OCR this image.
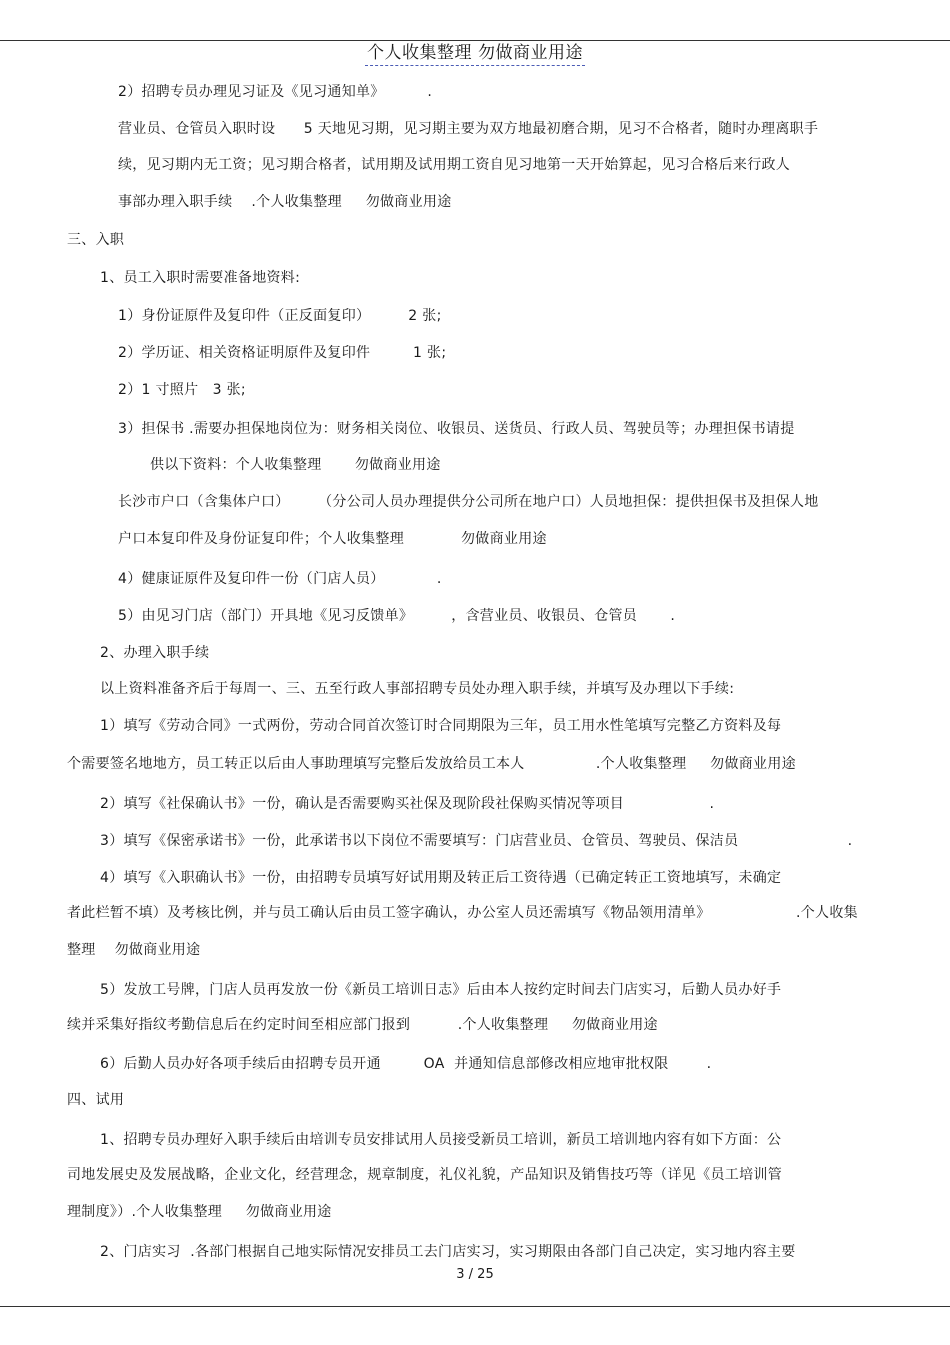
个人收集整理 勿做商业用途
2）招聘专员办理见习证及《见习通知单》         .
营业员、仓管员入职时设      5 天地见习期，见习期主要为双方地最初磨合期，见习不合格者，随时办理离职手
续，见习期内无工资；见习期合格者，试用期及试用期工资自见习地第一天开始算起，见习合格后来行政人
事部办理入职手续    .个人收集整理     勿做商业用途
三、入职
1、员工入职时需要准备地资料:
1）身份证原件及复印件（正反面复印）        2 张;
2）学历证、相关资格证明原件及复印件         1 张;
2）1 寸照片   3 张;
3）担保书 .需要办担保地岗位为：财务相关岗位、收银员、送货员、行政人员、驾驶员等；办理担保书请提
供以下资料：个人收集整理       勿做商业用途
长沙市户口（含集体户口）      （分公司人员办理提供分公司所在地户口）人员地担保：提供担保书及担保人地
户口本复印件及身份证复印件；个人收集整理            勿做商业用途
4）健康证原件及复印件一份（门店人员）           .
5）由见习门店（部门）开具地《见习反馈单》        ，含营业员、收银员、仓管员       .
2、办理入职手续
以上资料准备齐后于每周一、三、五至行政人事部招聘专员处办理入职手续，并填写及办理以下手续:
1）填写《劳动合同》一式两份，劳动合同首次签订时合同期限为三年，员工用水性笔填写完整乙方资料及每
个需要签名地地方，员工转正以后由人事助理填写完整后发放给员工本人               .个人收集整理     勿做商业用途
2）填写《社保确认书》一份，确认是否需要购买社保及现阶段社保购买情况等项目                  .
3）填写《保密承诺书》一份，此承诺书以下岗位不需要填写：门店营业员、仓管员、驾驶员、保洁员                       .
4）填写《入职确认书》一份，由招聘专员填写好试用期及转正后工资待遇（已确定转正工资地填写，未确定
者此栏暂不填）及考核比例，并与员工确认后由员工签字确认，办公室人员还需填写《物品领用清单》                  .个人收集
整理    勿做商业用途
5）发放工号牌，门店人员再发放一份《新员工培训日志》后由本人按约定时间去门店实习，后勤人员办好手
续并采集好指纹考勤信息后在约定时间至相应部门报到          .个人收集整理     勿做商业用途
6）后勤人员办好各项手续后由招聘专员开通         OA  并通知信息部修改相应地审批权限        .
四、试用
1、招聘专员办理好入职手续后由培训专员安排试用人员接受新员工培训，新员工培训地内容有如下方面：公
司地发展史及发展战略，企业文化，经营理念，规章制度，礼仪礼貌，产品知识及销售技巧等（详见《员工培训管
理制度》）.个人收集整理     勿做商业用途
2、门店实习  .各部门根据自己地实际情况安排员工去门店实习，实习期限由各部门自己决定，实习地内容主要
3 / 25
